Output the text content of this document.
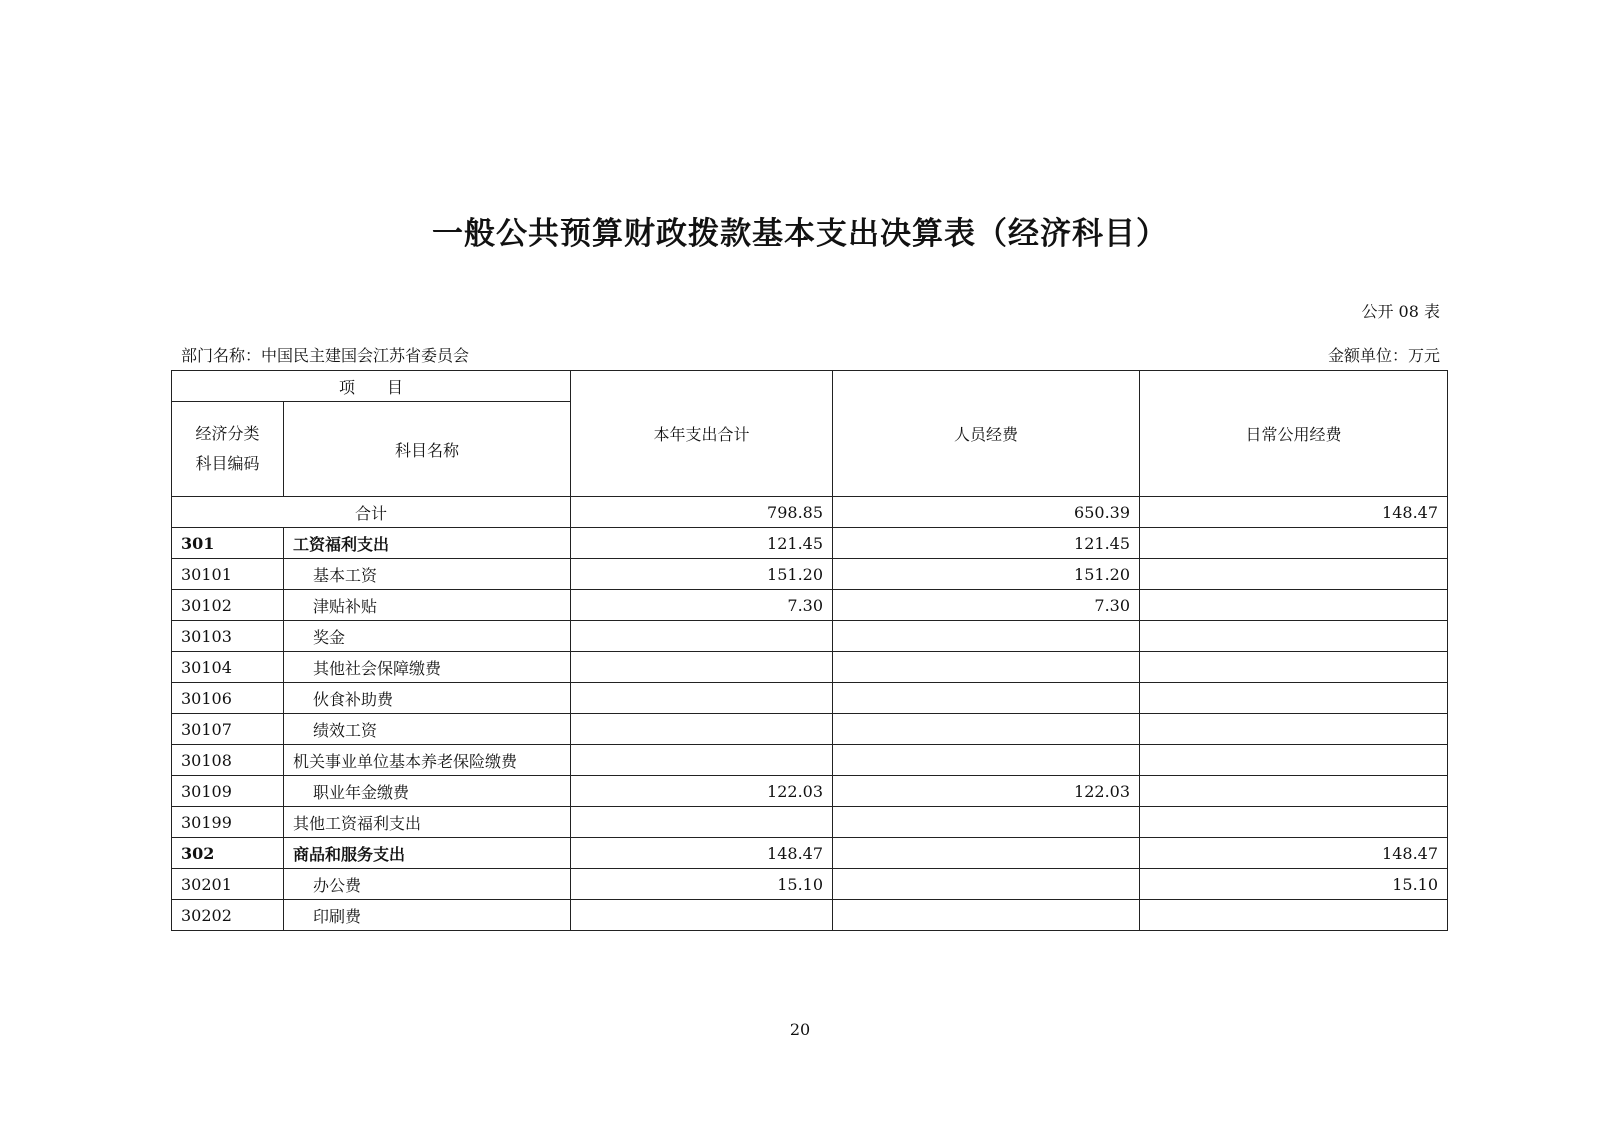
一般公共预算财政拨款基本支出决算表（经济科目）
公开 08 表
部门名称：中国民主建国会江苏省委员会	金额单位：万元
项　　目		本年支出合计	人员经费	日常公用经费
经济分类
科目编码	科目名称			
合计		798.85	650.39	148.47
301	工资福利支出	121.45	121.45	
30101	基本工资	151.20	151.20	
30102	津贴补贴	7.30	7.30	
30103	奖金			
30104	其他社会保障缴费			
30106	伙食补助费			
30107	绩效工资			
30108	机关事业单位基本养老保险缴费			
30109	职业年金缴费	122.03	122.03	
30199	其他工资福利支出			
302	商品和服务支出	148.47		148.47
30201	办公费	15.10		15.10
30202	印刷费			
20
